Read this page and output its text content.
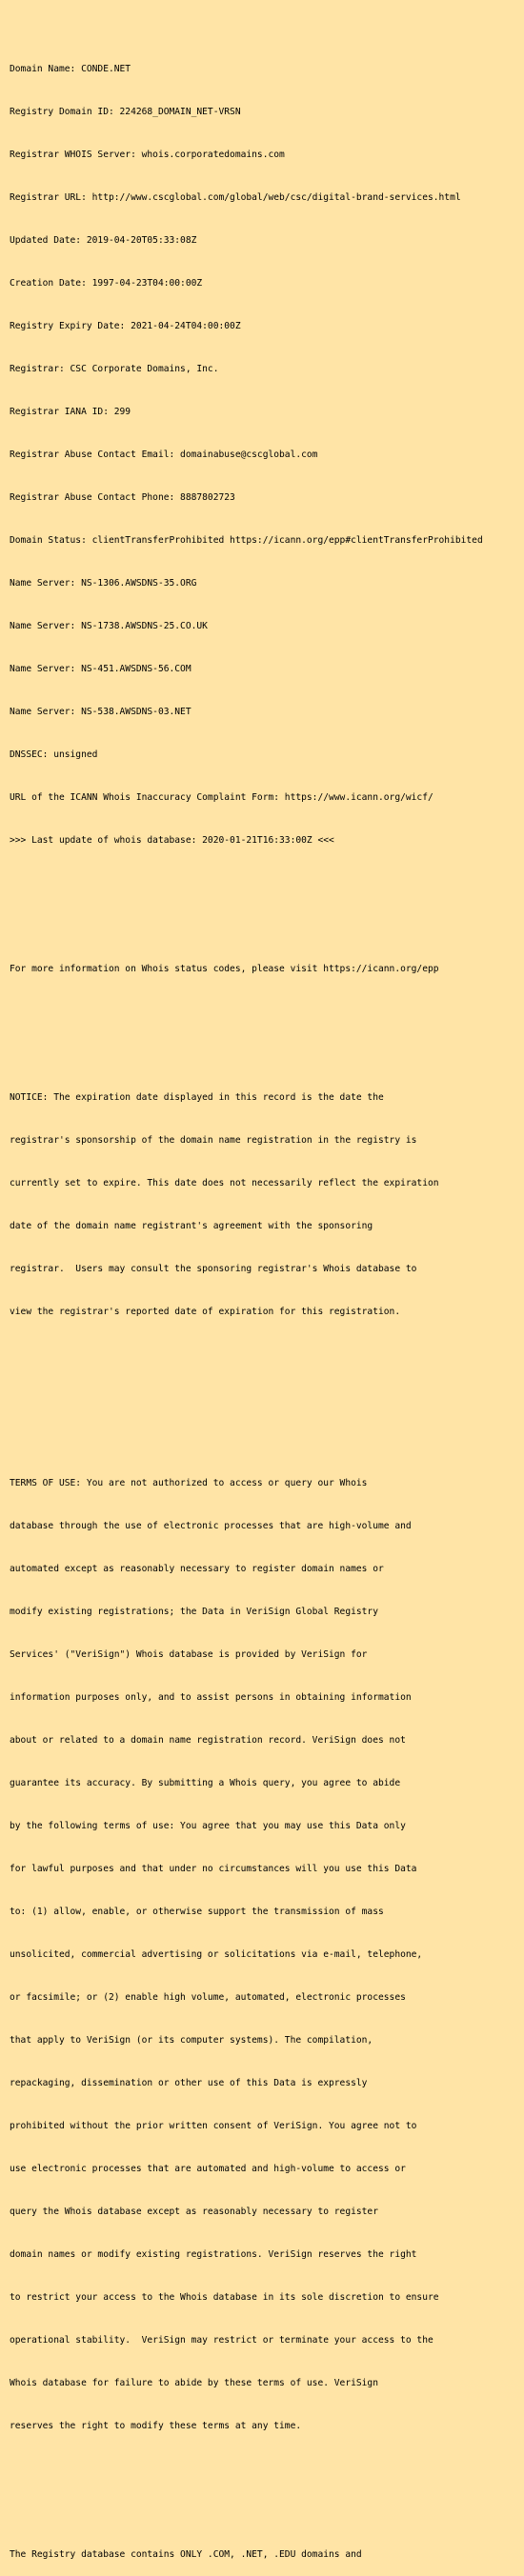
Domain Name: CONDE.NET

Registry Domain ID: 224268_DOMAIN_NET-VRSN

Registrar WHOIS Server: whois.corporatedomains.com

Registrar URL: http://www.cscglobal.com/global/web/csc/digital-brand-services.html

Updated Date: 2019-04-20T05:33:08Z

Creation Date: 1997-04-23T04:00:00Z

Registry Expiry Date: 2021-04-24T04:00:00Z

Registrar: CSC Corporate Domains, Inc.

Registrar IANA ID: 299

Registrar Abuse Contact Email: domainabuse@cscglobal.com

Registrar Abuse Contact Phone: 8887802723

Domain Status: clientTransferProhibited https://icann.org/epp#clientTransferProhibited

Name Server: NS-1306.AWSDNS-35.ORG

Name Server: NS-1738.AWSDNS-25.CO.UK

Name Server: NS-451.AWSDNS-56.COM

Name Server: NS-538.AWSDNS-03.NET

DNSSEC: unsigned

URL of the ICANN Whois Inaccuracy Complaint Form: https://www.icann.org/wicf/

>>> Last update of whois database: 2020-01-21T16:33:00Z <<<

For more information on Whois status codes, please visit https://icann.org/epp

NOTICE: The expiration date displayed in this record is the date the

registrar's sponsorship of the domain name registration in the registry is

currently set to expire. This date does not necessarily reflect the expiration

date of the domain name registrant's agreement with the sponsoring

registrar.  Users may consult the sponsoring registrar's Whois database to

view the registrar's reported date of expiration for this registration.

TERMS OF USE: You are not authorized to access or query our Whois

database through the use of electronic processes that are high-volume and

automated except as reasonably necessary to register domain names or

modify existing registrations; the Data in VeriSign Global Registry

Services' ("VeriSign") Whois database is provided by VeriSign for

information purposes only, and to assist persons in obtaining information

about or related to a domain name registration record. VeriSign does not

guarantee its accuracy. By submitting a Whois query, you agree to abide

by the following terms of use: You agree that you may use this Data only

for lawful purposes and that under no circumstances will you use this Data

to: (1) allow, enable, or otherwise support the transmission of mass

unsolicited, commercial advertising or solicitations via e-mail, telephone,

or facsimile; or (2) enable high volume, automated, electronic processes

that apply to VeriSign (or its computer systems). The compilation,

repackaging, dissemination or other use of this Data is expressly

prohibited without the prior written consent of VeriSign. You agree not to

use electronic processes that are automated and high-volume to access or

query the Whois database except as reasonably necessary to register

domain names or modify existing registrations. VeriSign reserves the right

to restrict your access to the Whois database in its sole discretion to ensure

operational stability.  VeriSign may restrict or terminate your access to the

Whois database for failure to abide by these terms of use. VeriSign

reserves the right to modify these terms at any time.

The Registry database contains ONLY .COM, .NET, .EDU domains and
